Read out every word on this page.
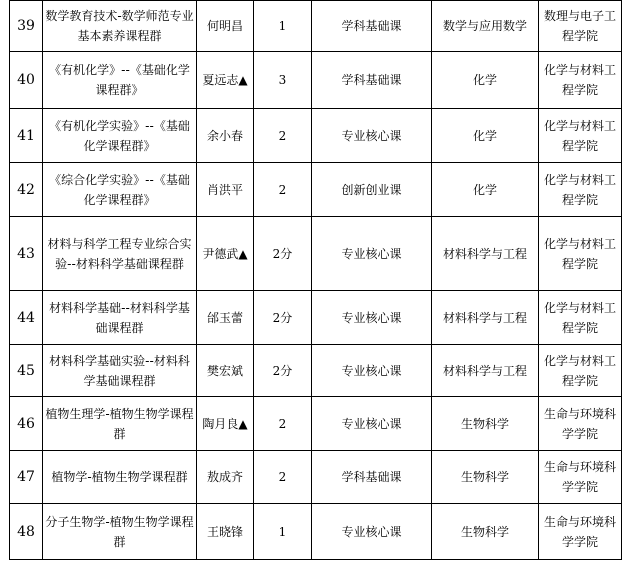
39	数学教育技术-数学师范专业基本素养课程群	何明昌	1	学科基础课	数学与应用数学	数理与电子工程学院
40	《有机化学》--《基础化学课程群》	夏远志▲	3	学科基础课	化学	化学与材料工程学院
41	《有机化学实验》--《基础化学课程群》	余小春	2	专业核心课	化学	化学与材料工程学院
42	《综合化学实验》--《基础化学课程群》	肖洪平	2	创新创业课	化学	化学与材料工程学院
43	材料与科学工程专业综合实验--材料科学基础课程群	尹德武▲	2分	专业核心课	材料科学与工程	化学与材料工程学院
44	材料科学基础--材料科学基础课程群	邰玉蕾	2分	专业核心课	材料科学与工程	化学与材料工程学院
45	材料科学基础实验--材料科学基础课程群	樊宏斌	2分	专业核心课	材料科学与工程	化学与材料工程学院
46	植物生理学-植物生物学课程群	陶月良▲	2	专业核心课	生物科学	生命与环境科学学院
47	植物学-植物生物学课程群	敖成齐	2	学科基础课	生物科学	生命与环境科学学院
48	分子生物学-植物生物学课程群	王晓锋	1	专业核心课	生物科学	生命与环境科学学院
